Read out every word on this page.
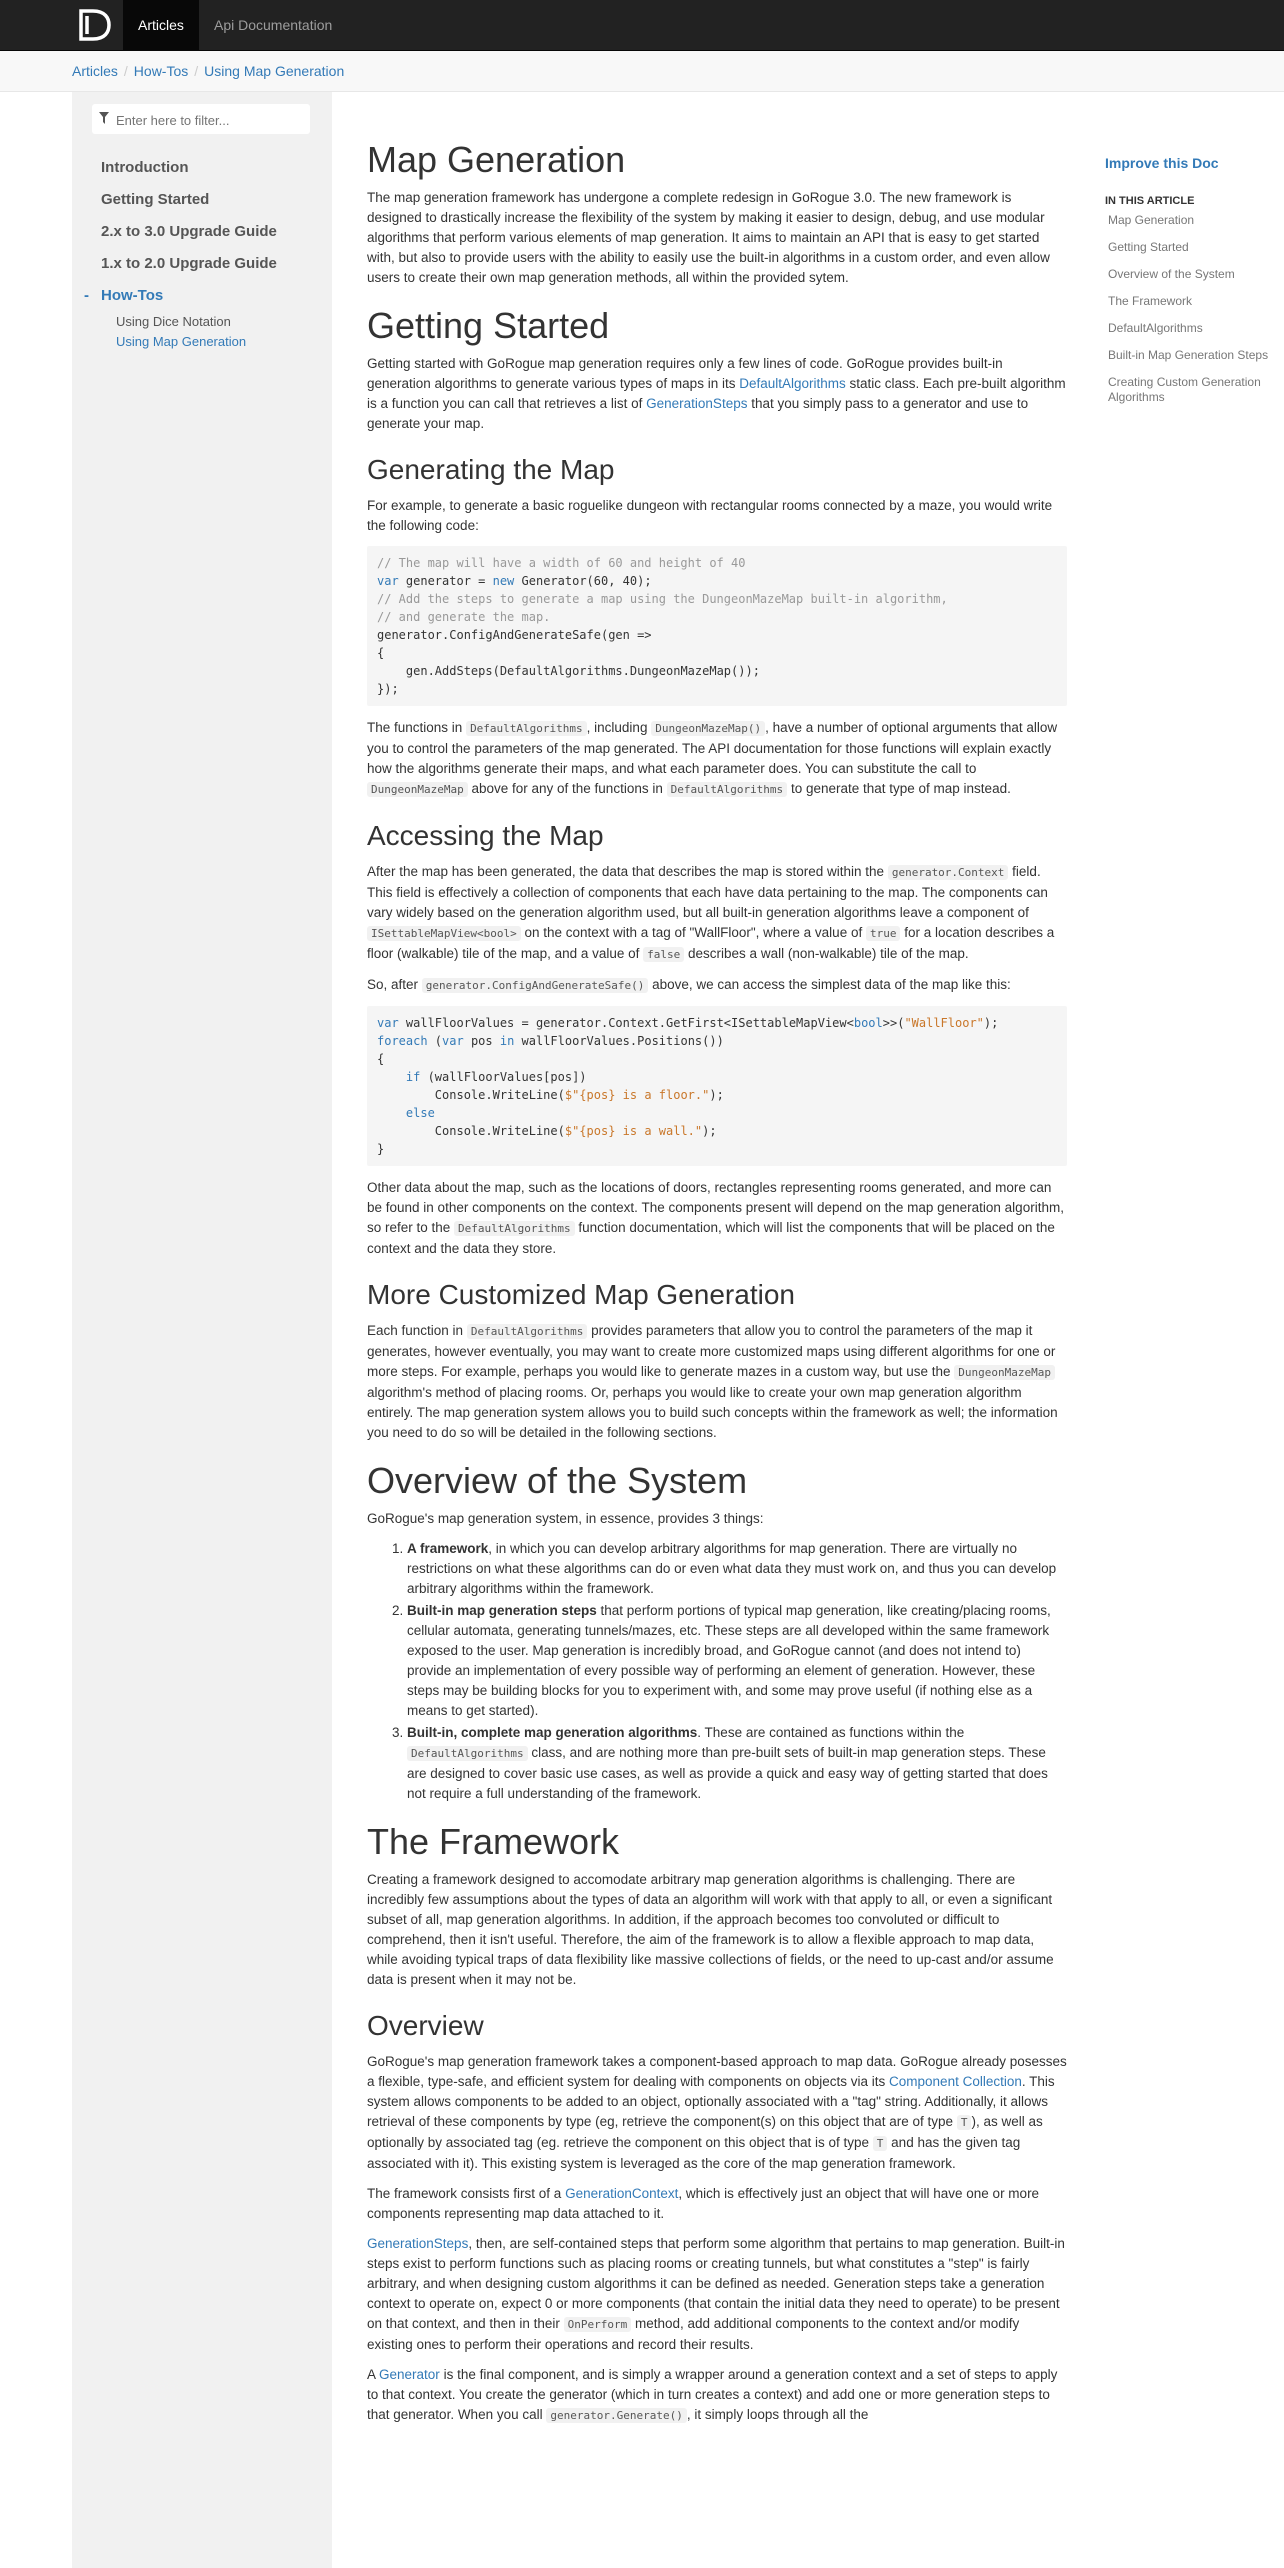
Articles	Api Documentation
Articles / How-Tos / Using Map Generation
Enter here to filter...
Introduction
Getting Started
2.x to 3.0 Upgrade Guide
1.x to 2.0 Upgrade Guide
- How-Tos
Using Dice Notation
Using Map Generation
Map Generation

The map generation framework has undergone a complete redesign in GoRogue 3.0. The new framework is designed to drastically increase the flexibility of the system by making it easier to design, debug, and use modular algorithms that perform various elements of map generation. It aims to maintain an API that is easy to get started with, but also to provide users with the ability to easily use the built-in algorithms in a custom order, and even allow users to create their own map generation methods, all within the provided sytem.

Getting Started

Getting started with GoRogue map generation requires only a few lines of code. GoRogue provides built-in generation algorithms to generate various types of maps in its DefaultAlgorithms static class. Each pre-built algorithm is a function you can call that retrieves a list of GenerationSteps that you simply pass to a generator and use to generate your map.

Generating the Map

For example, to generate a basic roguelike dungeon with rectangular rooms connected by a maze, you would write the following code:

// The map will have a width of 60 and height of 40
var generator = new Generator(60, 40);
// Add the steps to generate a map using the DungeonMazeMap built-in algorithm,
// and generate the map.
generator.ConfigAndGenerateSafe(gen =>
{
gen.AddSteps(DefaultAlgorithms.DungeonMazeMap());
});

The functions in DefaultAlgorithms , including DungeonMazeMap() , have a number of optional arguments that allow you to control the parameters of the map generated. The API documentation for those functions will explain exactly how the algorithms generate their maps, and what each parameter does. You can substitute the call to DungeonMazeMap above for any of the functions in DefaultAlgorithms to generate that type of map instead.

Accessing the Map

After the map has been generated, the data that describes the map is stored within the generator.Context field. This field is effectively a collection of components that each have data pertaining to the map. The components can vary widely based on the generation algorithm used, but all built-in generation algorithms leave a component of ISettableMapView<bool> on the context with a tag of "WallFloor", where a value of true for a location describes a floor (walkable) tile of the map, and a value of false describes a wall (non-walkable) tile of the map.

So, after generator.ConfigAndGenerateSafe() above, we can access the simplest data of the map like this:

var wallFloorValues = generator.Context.GetFirst<ISettableMapView<bool>>("WallFloor");
foreach (var pos in wallFloorValues.Positions())
{
if (wallFloorValues[pos])
Console.WriteLine($"{pos} is a floor.");
else
Console.WriteLine($"{pos} is a wall.");
}

Other data about the map, such as the locations of doors, rectangles representing rooms generated, and more can be found in other components on the context. The components present will depend on the map generation algorithm, so refer to the DefaultAlgorithms function documentation, which will list the components that will be placed on the context and the data they store.

More Customized Map Generation

Each function in DefaultAlgorithms provides parameters that allow you to control the parameters of the map it generates, however eventually, you may want to create more customized maps using different algorithms for one or more steps. For example, perhaps you would like to generate mazes in a custom way, but use the DungeonMazeMap algorithm's method of placing rooms. Or, perhaps you would like to create your own map generation algorithm entirely. The map generation system allows you to build such concepts within the framework as well; the information you need to do so will be detailed in the following sections.

Overview of the System

GoRogue's map generation system, in essence, provides 3 things:

1. A framework, in which you can develop arbitrary algorithms for map generation. There are virtually no restrictions on what these algorithms can do or even what data they must work on, and thus you can develop arbitrary algorithms within the framework.
2. Built-in map generation steps that perform portions of typical map generation, like creating/placing rooms, cellular automata, generating tunnels/mazes, etc. These steps are all developed within the same framework exposed to the user. Map generation is incredibly broad, and GoRogue cannot (and does not intend to) provide an implementation of every possible way of performing an element of generation. However, these steps may be building blocks for you to experiment with, and some may prove useful (if nothing else as a means to get started).
3. Built-in, complete map generation algorithms. These are contained as functions within the DefaultAlgorithms class, and are nothing more than pre-built sets of built-in map generation steps. These are designed to cover basic use cases, as well as provide a quick and easy way of getting started that does not require a full understanding of the framework.
The Framework

Creating a framework designed to accomodate arbitrary map generation algorithms is challenging. There are incredibly few assumptions about the types of data an algorithm will work with that apply to all, or even a significant subset of all, map generation algorithms. In addition, if the approach becomes too convoluted or difficult to comprehend, then it isn't useful. Therefore, the aim of the framework is to allow a flexible approach to map data, while avoiding typical traps of data flexibility like massive collections of fields, or the need to up-cast and/or assume data is present when it may not be.

Overview

GoRogue's map generation framework takes a component-based approach to map data. GoRogue already posesses a flexible, type-safe, and efficient system for dealing with components on objects via its Component Collection. This system allows components to be added to an object, optionally associated with a "tag" string. Additionally, it allows retrieval of these components by type (eg, retrieve the component(s) on this object that are of type T ), as well as optionally by associated tag (eg. retrieve the component on this object that is of type T and has the given tag associated with it). This existing system is leveraged as the core of the map generation framework.

The framework consists first of a GenerationContext, which is effectively just an object that will have one or more components representing map data attached to it.

GenerationSteps, then, are self-contained steps that perform some algorithm that pertains to map generation. Built-in steps exist to perform functions such as placing rooms or creating tunnels, but what constitutes a "step" is fairly arbitrary, and when designing custom algorithms it can be defined as needed. Generation steps take a generation context to operate on, expect 0 or more components (that contain the initial data they need to operate) to be present on that context, and then in their OnPerform method, add additional components to the context and/or modify existing ones to perform their operations and record their results.

A Generator is the final component, and is simply a wrapper around a generation context and a set of steps to apply to that context. You create the generator (which in turn creates a context) and add one or more generation steps to that generator. When you call generator.Generate() , it simply loops through all the

Improve this Doc
IN THIS ARTICLE
Map Generation
Getting Started
Overview of the System
The Framework
DefaultAlgorithms
Built-in Map Generation Steps
Creating Custom Generation Algorithms
